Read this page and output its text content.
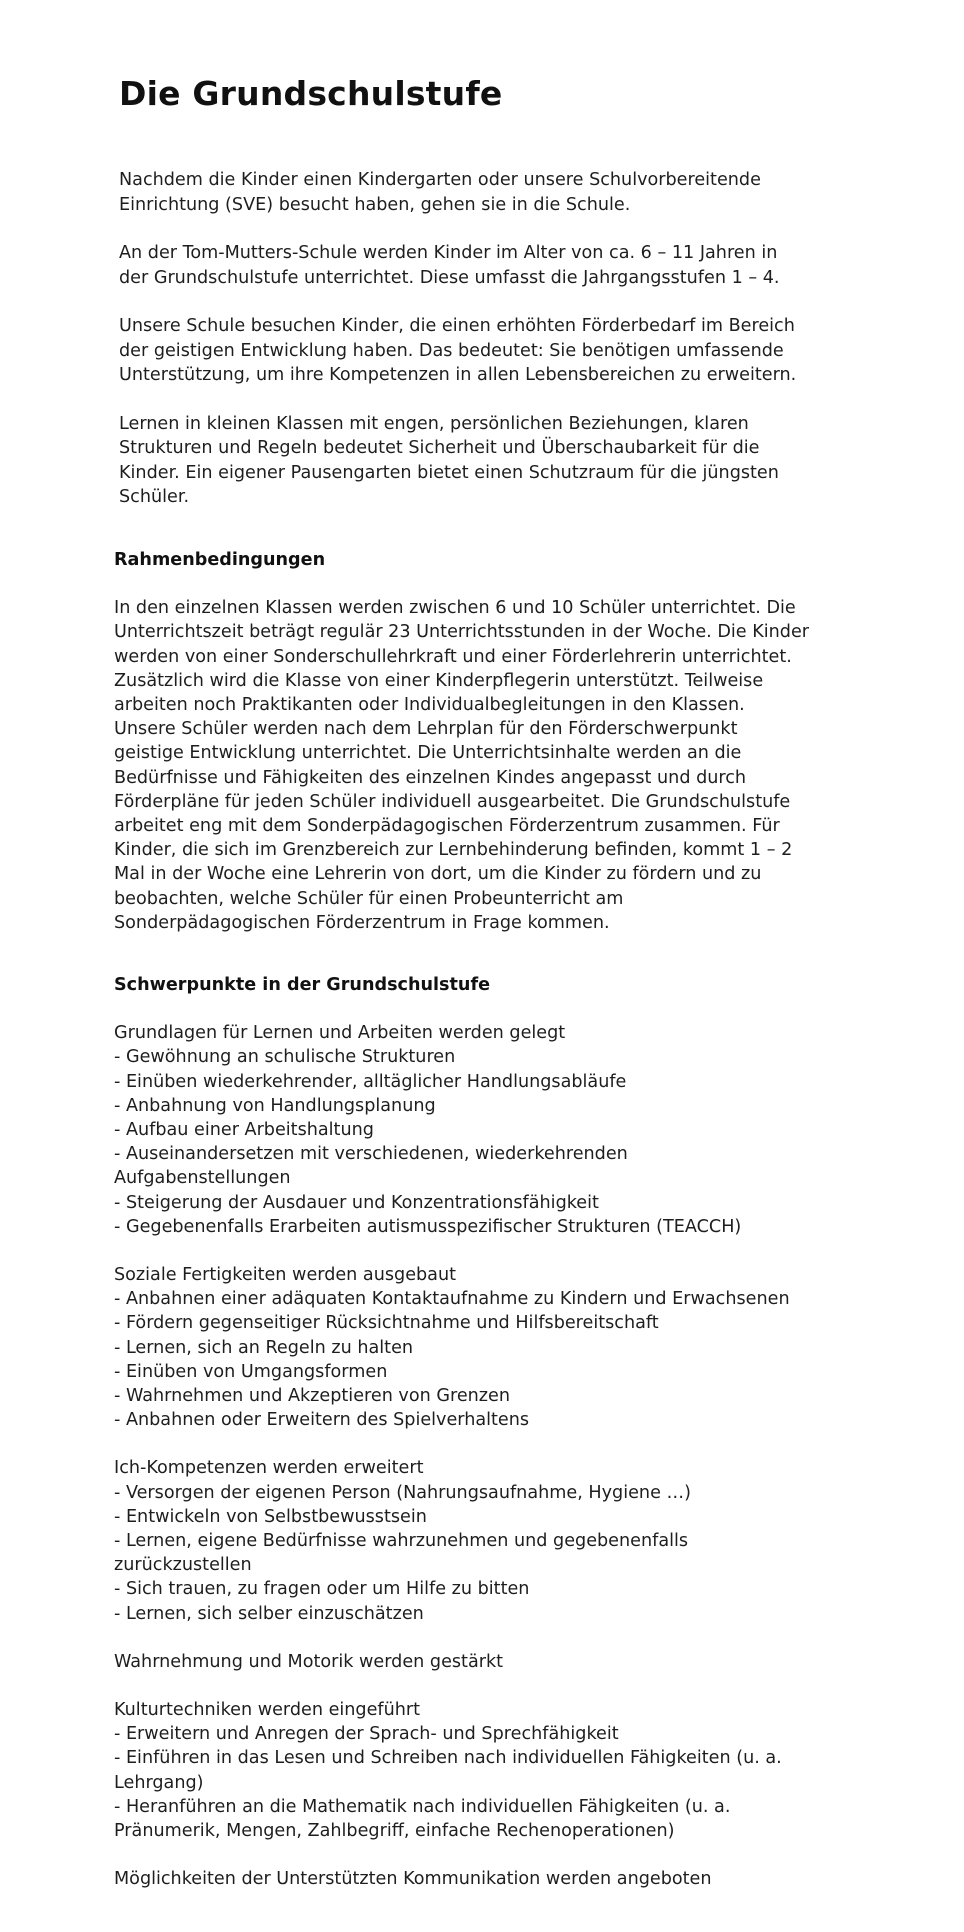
Die Grundschulstufe

Nachdem die Kinder einen Kindergarten oder unsere Schulvorbereitende
Einrichtung (SVE) besucht haben, gehen sie in die Schule.

An der Tom-Mutters-Schule werden Kinder im Alter von ca. 6 – 11 Jahren in
der Grundschulstufe unterrichtet. Diese umfasst die Jahrgangsstufen 1 – 4.

Unsere Schule besuchen Kinder, die einen erhöhten Förderbedarf im Bereich
der geistigen Entwicklung haben. Das bedeutet: Sie benötigen umfassende
Unterstützung, um ihre Kompetenzen in allen Lebensbereichen zu erweitern.

Lernen in kleinen Klassen mit engen, persönlichen Beziehungen, klaren
Strukturen und Regeln bedeutet Sicherheit und Überschaubarkeit für die
Kinder. Ein eigener Pausengarten bietet einen Schutzraum für die jüngsten
Schüler.

Rahmenbedingungen

In den einzelnen Klassen werden zwischen 6 und 10 Schüler unterrichtet. Die
Unterrichtszeit beträgt regulär 23 Unterrichtsstunden in der Woche. Die Kinder
werden von einer Sonderschullehrkraft und einer Förderlehrerin unterrichtet.
Zusätzlich wird die Klasse von einer Kinderpflegerin unterstützt. Teilweise
arbeiten noch Praktikanten oder Individualbegleitungen in den Klassen.
Unsere Schüler werden nach dem Lehrplan für den Förderschwerpunkt
geistige Entwicklung unterrichtet. Die Unterrichtsinhalte werden an die
Bedürfnisse und Fähigkeiten des einzelnen Kindes angepasst und durch
Förderpläne für jeden Schüler individuell ausgearbeitet. Die Grundschulstufe
arbeitet eng mit dem Sonderpädagogischen Förderzentrum zusammen. Für
Kinder, die sich im Grenzbereich zur Lernbehinderung befinden, kommt 1 – 2
Mal in der Woche eine Lehrerin von dort, um die Kinder zu fördern und zu
beobachten, welche Schüler für einen Probeunterricht am
Sonderpädagogischen Förderzentrum in Frage kommen.

Schwerpunkte in der Grundschulstufe
Grundlagen für Lernen und Arbeiten werden gelegt
- Gewöhnung an schulische Strukturen
- Einüben wiederkehrender, alltäglicher Handlungsabläufe
- Anbahnung von Handlungsplanung
- Aufbau einer Arbeitshaltung
- Auseinandersetzen mit verschiedenen, wiederkehrenden
Aufgabenstellungen
- Steigerung der Ausdauer und Konzentrationsfähigkeit
- Gegebenenfalls Erarbeiten autismusspezifischer Strukturen (TEACCH)
Soziale Fertigkeiten werden ausgebaut
- Anbahnen einer adäquaten Kontaktaufnahme zu Kindern und Erwachsenen
- Fördern gegenseitiger Rücksichtnahme und Hilfsbereitschaft
- Lernen, sich an Regeln zu halten
- Einüben von Umgangsformen
- Wahrnehmen und Akzeptieren von Grenzen
- Anbahnen oder Erweitern des Spielverhaltens
Ich-Kompetenzen werden erweitert
- Versorgen der eigenen Person (Nahrungsaufnahme, Hygiene …)
- Entwickeln von Selbstbewusstsein
- Lernen, eigene Bedürfnisse wahrzunehmen und gegebenenfalls
zurückzustellen
- Sich trauen, zu fragen oder um Hilfe zu bitten
- Lernen, sich selber einzuschätzen
Wahrnehmung und Motorik werden gestärkt
Kulturtechniken werden eingeführt
- Erweitern und Anregen der Sprach- und Sprechfähigkeit
- Einführen in das Lesen und Schreiben nach individuellen Fähigkeiten (u. a.
Lehrgang)
- Heranführen an die Mathematik nach individuellen Fähigkeiten (u. a.
Pränumerik, Mengen, Zahlbegriff, einfache Rechenoperationen)
Möglichkeiten der Unterstützten Kommunikation werden angeboten
